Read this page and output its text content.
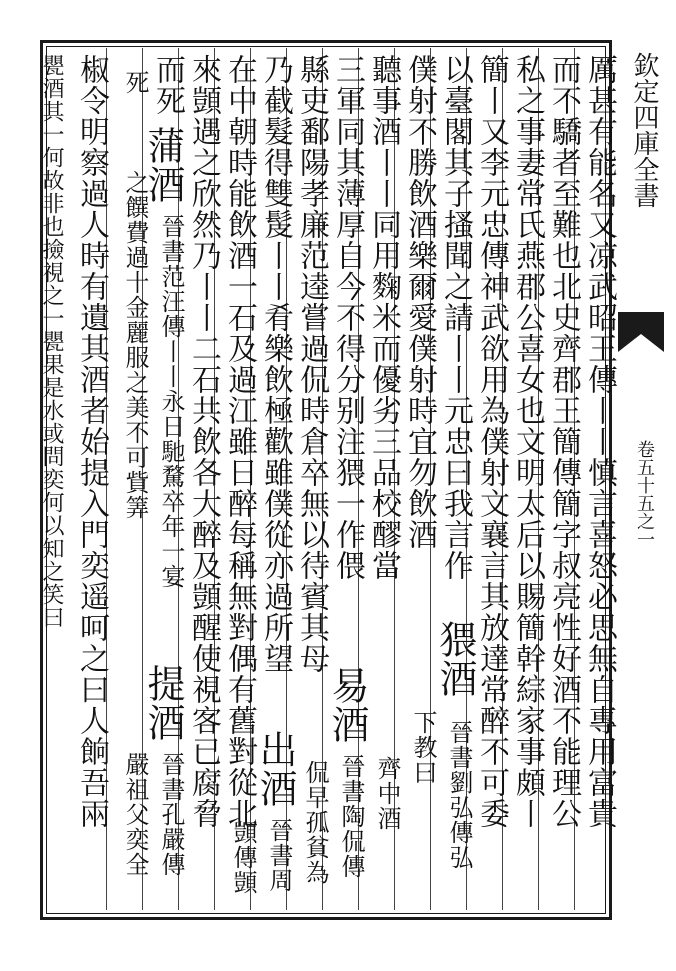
厲甚有能名又凉武昭王傳丨丨慎言喜怒必思無自專用富貴
而不驕者至難也北史齊郡王簡傳簡字叔亮性好酒不能理公
私之事妻常氏燕郡公喜女也文明太后以賜簡幹綜家事頗丨
簡丨又李元忠傳神武欲用為僕射文襄言其放達常醉不可委
以臺閣其子搔聞之請丨丨元忠曰我言作
猥酒
晉書劉弘傳弘
僕射不勝飲酒樂爾愛僕射時宜勿飲酒
下教曰
聽事酒丨丨同用麴米而優劣三品校醪當
齊中酒
三軍同其薄厚自今不得分别注猥一作偎
易酒
晉書陶侃傳
縣吏鄱陽孝廉范逵嘗過侃時倉卒無以待賓其母
侃早孤貧為
乃截髮得雙髲丨丨肴樂飲極歡雖僕從亦過所望
出酒
晉書周
在中朝時能飲酒一石及過江雖日醉每稱無對偶有舊對從北
顗傳顗
來顗遇之欣然乃丨丨二石共飲各大醉及顗醒使視客已腐脅
而死
蒲酒
晉書范汪傳丨丨永日馳騖卒年一宴
提酒
晉書孔嚴傳
死
之饌費過十金麗服之美不可貲筭
嚴祖父奕全
椒令明察過人時有遺其酒者始提入門奕遥呵之曰人餉吾兩
甖酒其一何故非也撿視之一甖果是水或問奕何以知之笑曰	欽定四庫全書
卷五十五之一
